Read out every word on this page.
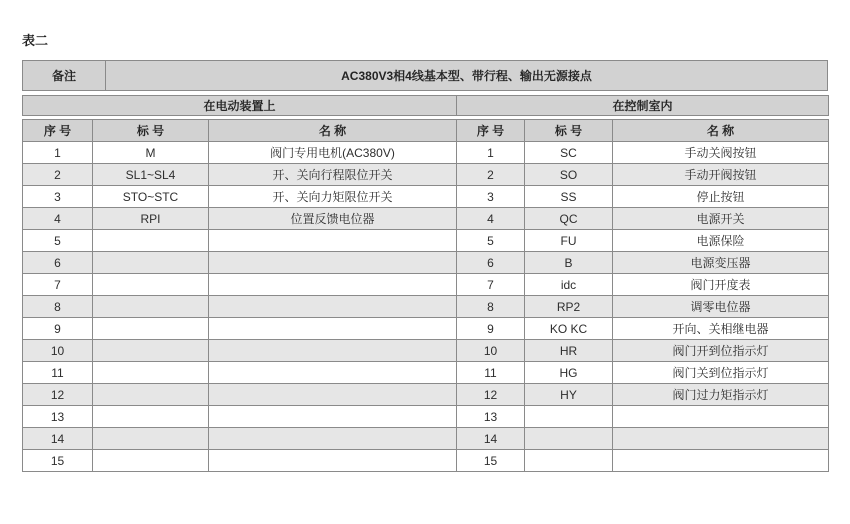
表二
备注	AC380V3相4线基本型、带行程、输出无源接点
在电动装置上	在控制室内
序 号	标 号	名 称	序 号	标 号	名 称
1	M	阀门专用电机(AC380V)	1	SC	手动关阀按钮
2	SL1~SL4	开、关向行程限位开关	2	SO	手动开阀按钮
3	STO~STC	开、关向力矩限位开关	3	SS	停止按钮
4	RPI	位置反馈电位器	4	QC	电源开关
5			5	FU	电源保险
6			6	B	电源变压器
7			7	idc	阀门开度表
8			8	RP2	调零电位器
9			9	KO KC	开向、关相继电器
10			10	HR	阀门开到位指示灯
11			11	HG	阀门关到位指示灯
12			12	HY	阀门过力矩指示灯
13			13		
14			14		
15			15		
